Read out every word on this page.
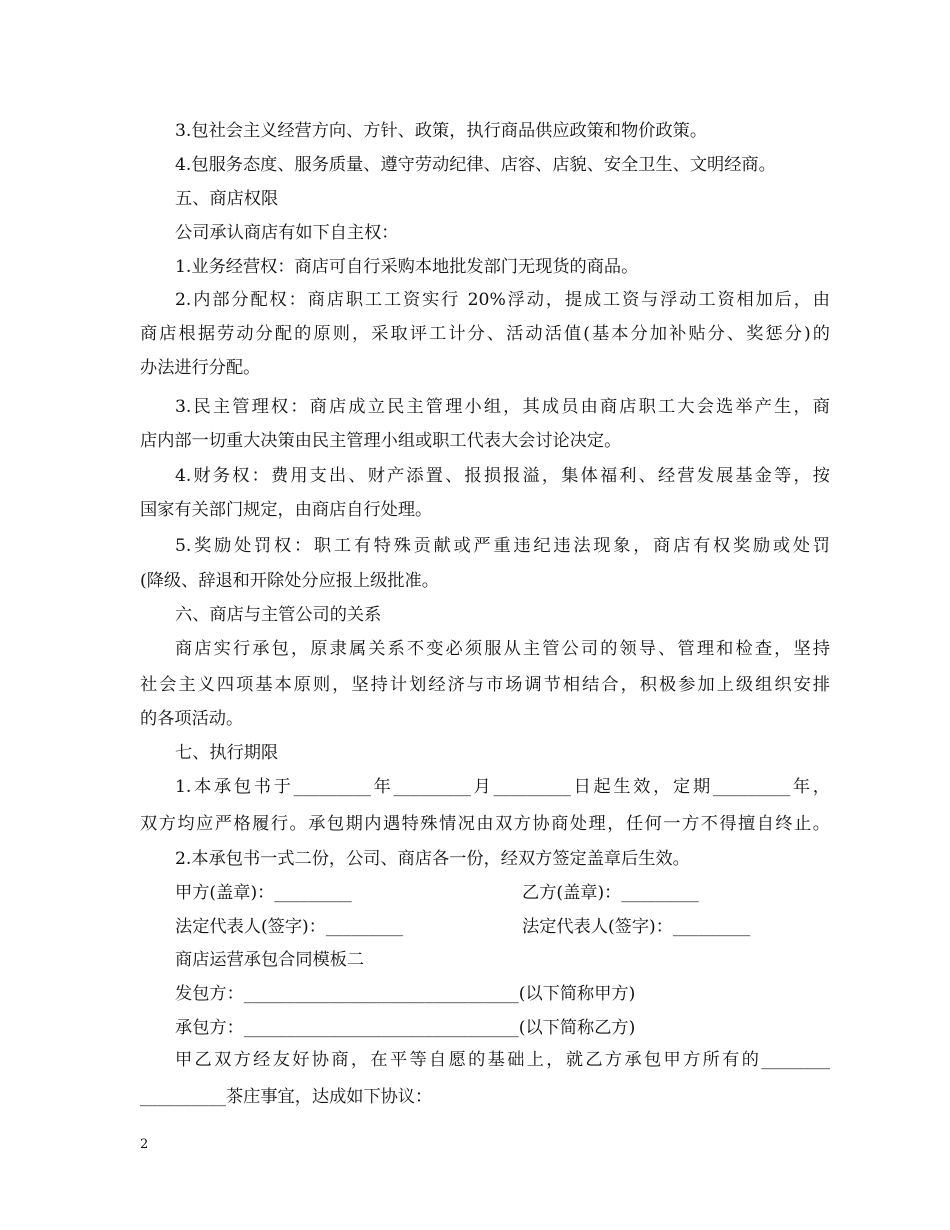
3.包社会主义经营方向、方针、政策，执行商品供应政策和物价政策。

4.包服务态度、服务质量、遵守劳动纪律、店容、店貌、安全卫生、文明经商。

五、商店权限

公司承认商店有如下自主权：

1.业务经营权：商店可自行采购本地批发部门无现货的商品。

2.内部分配权：商店职工工资实行 20%浮动，提成工资与浮动工资相加后，由

商店根据劳动分配的原则，采取评工计分、活动活值(基本分加补贴分、奖惩分)的

办法进行分配。

3.民主管理权：商店成立民主管理小组，其成员由商店职工大会选举产生，商

店内部一切重大决策由民主管理小组或职工代表大会讨论决定。

4.财务权：费用支出、财产添置、报损报溢，集体福利、经营发展基金等，按

国家有关部门规定，由商店自行处理。

5.奖励处罚权：职工有特殊贡献或严重违纪违法现象，商店有权奖励或处罚

(降级、辞退和开除处分应报上级批准。

六、商店与主管公司的关系

商店实行承包，原隶属关系不变必须服从主管公司的领导、管理和检查，坚持

社会主义四项基本原则，坚持计划经济与市场调节相结合，积极参加上级组织安排

的各项活动。

七、执行期限

1.本承包书于_________年_________月_________日起生效，定期_________年，

双方均应严格履行。承包期内遇特殊情况由双方协商处理，任何一方不得擅自终止。

2.本承包书一式二份，公司、商店各一份，经双方签定盖章后生效。

甲方(盖章)：_________	乙方(盖章)：_________
法定代表人(签字)：_________	法定代表人(签字)：_________

商店运营承包合同模板二

发包方：________________________________(以下简称甲方)

承包方：________________________________(以下简称乙方)

甲乙双方经友好协商，在平等自愿的基础上，就乙方承包甲方所有的________

__________茶庄事宜，达成如下协议：

2
